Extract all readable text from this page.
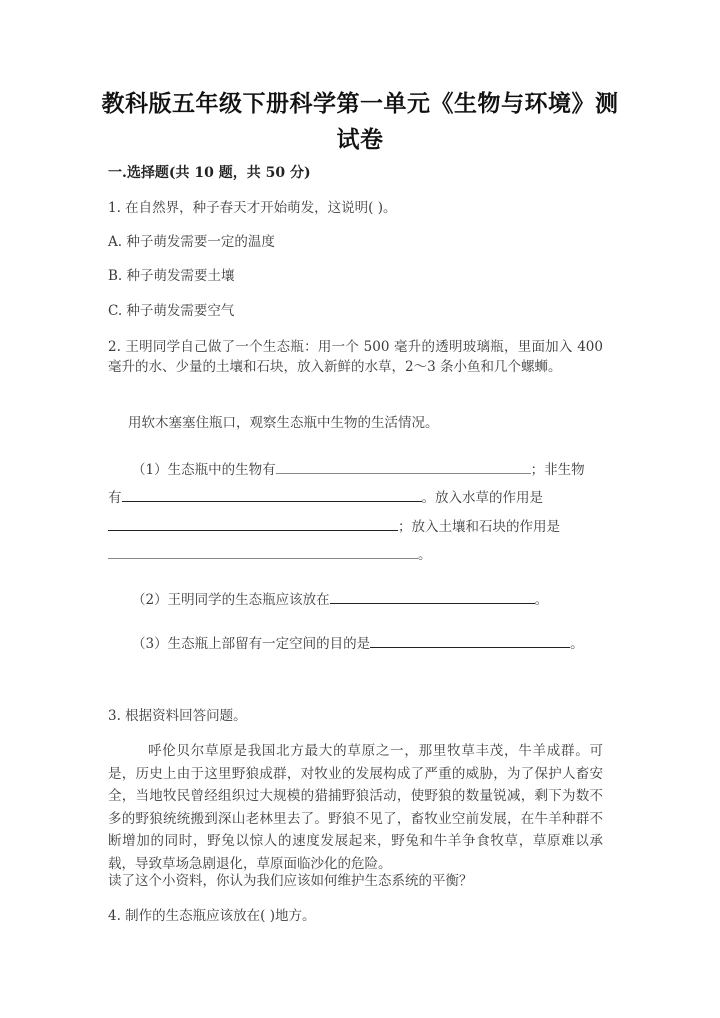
教科版五年级下册科学第一单元《生物与环境》测
试卷
一.选择题(共 10 题，共 50 分)
1. 在自然界，种子春天才开始萌发，这说明( )。
A. 种子萌发需要一定的温度
B. 种子萌发需要土壤
C. 种子萌发需要空气
2. 王明同学自己做了一个生态瓶：用一个 500 毫升的透明玻璃瓶，里面加入 400 毫升的水、少量的土壤和石块，放入新鲜的水草，2～3 条小鱼和几个螺蛳。
用软木塞塞住瓶口，观察生态瓶中生物的生活情况。
（1）生态瓶中的生物有	；非生物
有	。放入水草的作用是
；放入土壤和石块的作用是
。
（2）王明同学的生态瓶应该放在	。
（3）生态瓶上部留有一定空间的目的是	。
3. 根据资料回答问题。
呼伦贝尔草原是我国北方最大的草原之一，那里牧草丰茂，牛羊成群。可是，历史上由于这里野狼成群，对牧业的发展构成了严重的威胁，为了保护人畜安全，当地牧民曾经组织过大规模的猎捕野狼活动，使野狼的数量锐减，剩下为数不多的野狼统统搬到深山老林里去了。野狼不见了，畜牧业空前发展，在牛羊种群不断增加的同时，野兔以惊人的速度发展起来，野兔和牛羊争食牧草，草原难以承载，导致草场急剧退化，草原面临沙化的危险。
读了这个小资料，你认为我们应该如何维护生态系统的平衡？
4. 制作的生态瓶应该放在( )地方。
